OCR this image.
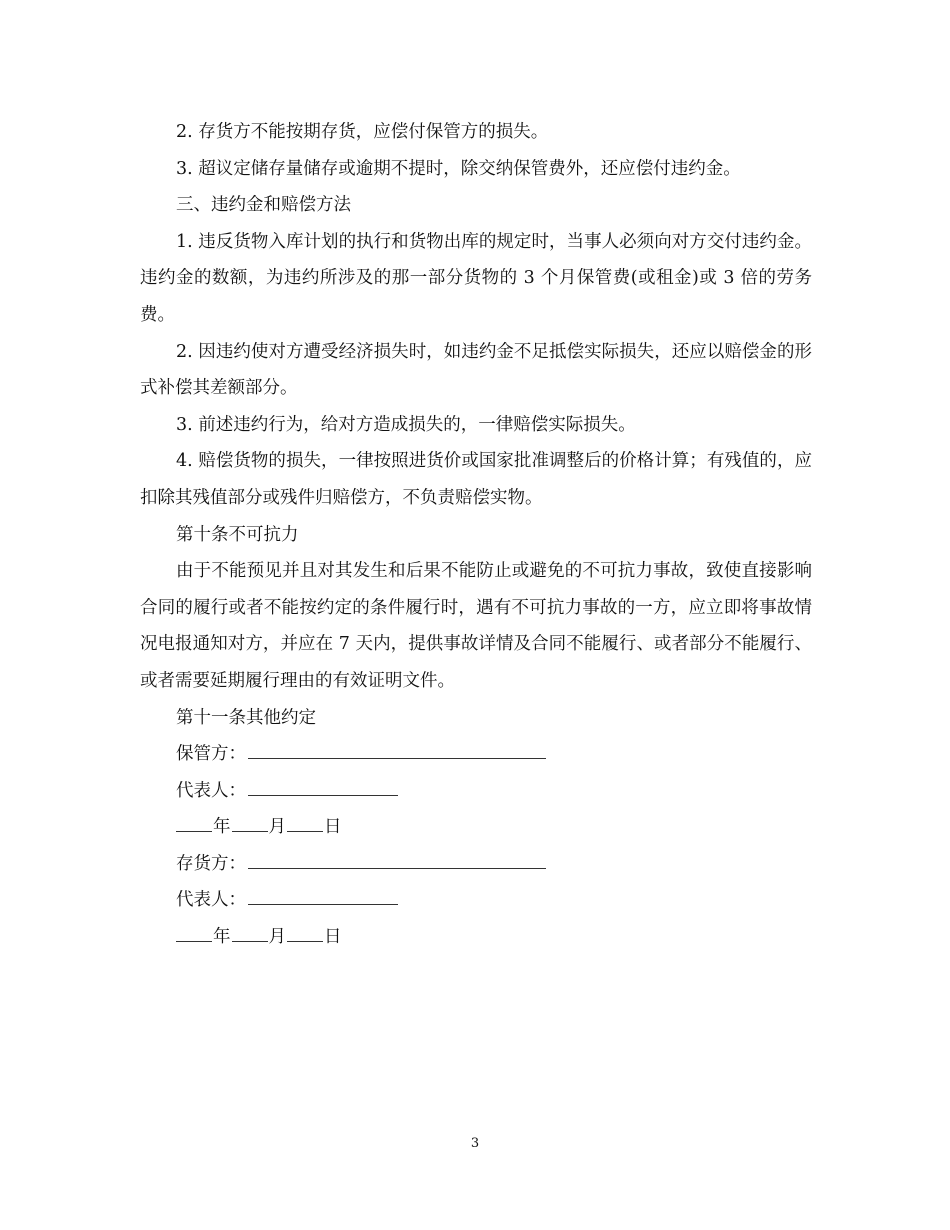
2. 存货方不能按期存货，应偿付保管方的损失。

3. 超议定储存量储存或逾期不提时，除交纳保管费外，还应偿付违约金。

三、违约金和赔偿方法

1. 违反货物入库计划的执行和货物出库的规定时，当事人必须向对方交付违约金。违约金的数额，为违约所涉及的那一部分货物的 3 个月保管费(或租金)或 3 倍的劳务费。

2. 因违约使对方遭受经济损失时，如违约金不足抵偿实际损失，还应以赔偿金的形式补偿其差额部分。

3. 前述违约行为，给对方造成损失的，一律赔偿实际损失。

4. 赔偿货物的损失，一律按照进货价或国家批准调整后的价格计算；有残值的，应扣除其残值部分或残件归赔偿方，不负责赔偿实物。

第十条不可抗力

由于不能预见并且对其发生和后果不能防止或避免的不可抗力事故，致使直接影响合同的履行或者不能按约定的条件履行时，遇有不可抗力事故的一方，应立即将事故情况电报通知对方，并应在 7 天内，提供事故详情及合同不能履行、或者部分不能履行、或者需要延期履行理由的有效证明文件。

第十一条其他约定

保管方：
代表人：
年 月 日
存货方：
代表人：
年 月 日
3
